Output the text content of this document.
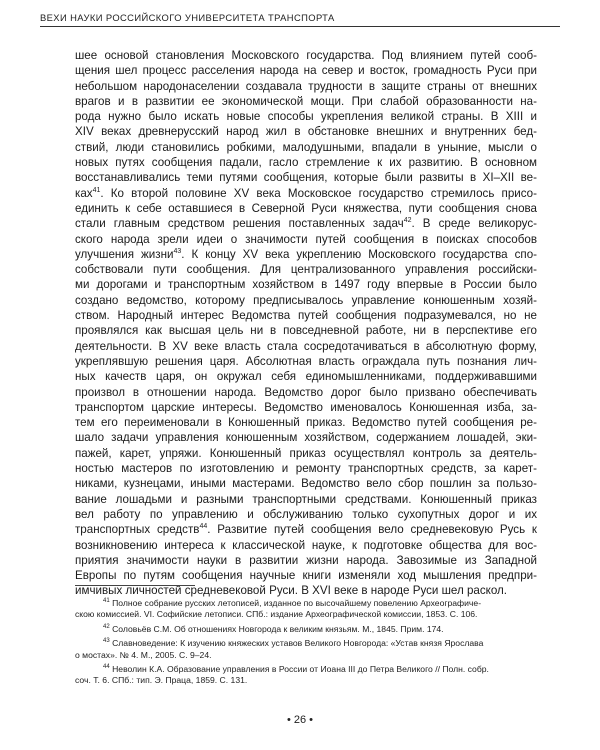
ВЕХИ НАУКИ РОССИЙСКОГО УНИВЕРСИТЕТА ТРАНСПОРТА
шее основой становления Московского государства. Под влиянием путей сооб-
щения шел процесс расселения народа на север и восток, громадность Руси при
небольшом народонаселении создавала трудности в защите страны от внешних
врагов и в развитии ее экономической мощи. При слабой образованности на-
рода нужно было искать новые способы укрепления великой страны. В XIII и
XIV веках древнерусский народ жил в обстановке внешних и внутренних бед-
ствий, люди становились робкими, малодушными, впадали в уныние, мысли о
новых путях сообщения падали, гасло стремление к их развитию. В основном
восстанавливались теми путями сообщения, которые были развиты в XI–XII ве-
ках$^{41}$. Ко второй половине XV века Московское государство стремилось присо-
единить к себе оставшиеся в Северной Руси княжества, пути сообщения снова
стали главным средством решения поставленных задач$^{42}$. В среде великорус-
ского народа зрели идеи о значимости путей сообщения в поисках способов
улучшения жизни$^{43}$. К концу XV века укреплению Московского государства спо-
собствовали пути сообщения. Для централизованного управления российски-
ми дорогами и транспортным хозяйством в 1497 году впервые в России было
создано ведомство, которому предписывалось управление конюшенным хозяй-
ством. Народный интерес Ведомства путей сообщения подразумевался, но не
проявлялся как высшая цель ни в повседневной работе, ни в перспективе его
деятельности. В XV веке власть стала сосредотачиваться в абсолютную форму,
укреплявшую решения царя. Абсолютная власть ограждала путь познания лич-
ных качеств царя, он окружал себя единомышленниками, поддерживавшими
произвол в отношении народа. Ведомство дорог было призвано обеспечивать
транспортом царские интересы. Ведомство именовалось Конюшенная изба, за-
тем его переименовали в Конюшенный приказ. Ведомство путей сообщения ре-
шало задачи управления конюшенным хозяйством, содержанием лошадей, эки-
пажей, карет, упряжи. Конюшенный приказ осуществлял контроль за деятель-
ностью мастеров по изготовлению и ремонту транспортных средств, за карет-
никами, кузнецами, иными мастерами. Ведомство вело сбор пошлин за пользо-
вание лошадьми и разными транспортными средствами. Конюшенный приказ
вел работу по управлению и обслуживанию только сухопутных дорог и их
транспортных средств$^{44}$. Развитие путей сообщения вело средневековую Русь к
возникновению интереса к классической науке, к подготовке общества для вос-
приятия значимости науки в развитии жизни народа. Завозимые из Западной
Европы по путям сообщения научные книги изменяли ход мышления предпри-
имчивых личностей средневековой Руси. В XVI веке в народе Руси шел раскол.
$^{41}$ Полное собрание русских летописей, изданное по высочайшему повелению Археографиче-
скою комиссией. VI. Софийские летописи. СПб.: издание Археографической комиссии, 1853. С. 106.
$^{42}$ Соловьёв С.М. Об отношениях Новгорода к великим князьям. М., 1845. Прим. 174.
$^{43}$ Славноведение: К изучению княжеских уставов Великого Новгорода: «Устав князя Ярослава
о мостах». № 4. М., 2005. С. 9–24.
$^{44}$ Неволин К.А. Образование управления в России от Иоана III до Петра Великого // Полн. собр.
соч. Т. 6. СПб.: тип. Э. Праца, 1859. С. 131.
• 26 •
